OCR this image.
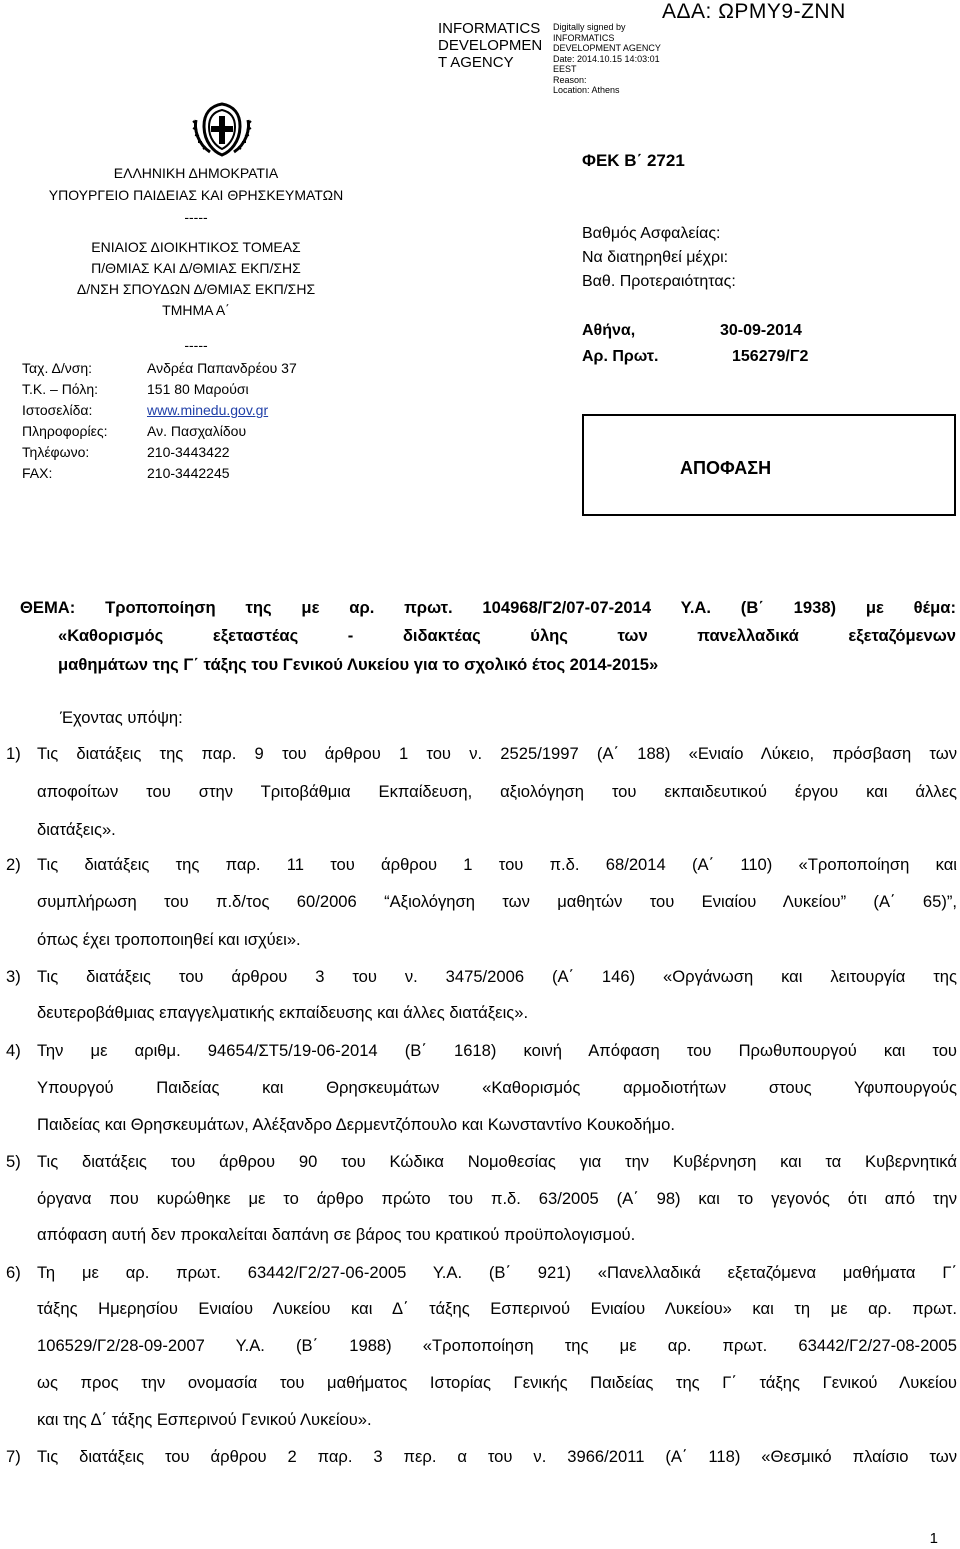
INFORMATICS
DEVELOPMEN
T AGENCY
Digitally signed by
INFORMATICS
DEVELOPMENT AGENCY
Date: 2014.10.15 14:03:01
EEST
Reason:
Location: Athens
ΑΔΑ: ΩΡΜΥ9-ΖΝΝ
ΕΛΛΗΝΙΚΗ ΔΗΜΟΚΡΑΤΙΑ
ΥΠΟΥΡΓΕΙΟ ΠΑΙΔΕΙΑΣ ΚΑΙ ΘΡΗΣΚΕΥΜΑΤΩΝ
-----
ΕΝΙΑΙΟΣ ΔΙΟΙΚΗΤΙΚΟΣ ΤΟΜΕΑΣ
Π/ΘΜΙΑΣ ΚΑΙ Δ/ΘΜΙΑΣ ΕΚΠ/ΣΗΣ
Δ/ΝΣΗ ΣΠΟΥΔΩΝ Δ/ΘΜΙΑΣ ΕΚΠ/ΣΗΣ
ΤΜΗΜΑ Α΄
-----
Ταχ. Δ/νση:	Ανδρέα Παπανδρέου 37
Τ.Κ. – Πόλη:	151 80 Μαρούσι
Ιστοσελίδα:	www.minedu.gov.gr
Πληροφορίες:	Αν. Πασχαλίδου
Τηλέφωνο:	210-3443422
FAX:	210-3442245
ΦΕΚ Β΄ 2721
Βαθμός Ασφαλείας:
Να διατηρηθεί μέχρι:
Βαθ. Προτεραιότητας:
Αθήνα,	30-09-2014
Αρ. Πρωτ.	156279/Γ2
ΑΠΟΦΑΣΗ
ΘΕΜΑ: Τροποποίηση της με αρ. πρωτ. 104968/Γ2/07-07-2014 Υ.Α. (Β΄ 1938) με θέμα:
«Καθορισμός εξεταστέας - διδακτέας ύλης των πανελλαδικά εξεταζόμενων
μαθημάτων της Γ΄ τάξης του Γενικού Λυκείου για το σχολικό έτος 2014-2015»
Έχοντας υπόψη:
1) Τις διατάξεις της παρ. 9 του άρθρου 1 του ν. 2525/1997 (Α΄ 188) «Ενιαίο Λύκειο, πρόσβαση των
αποφοίτων του στην Τριτοβάθμια Εκπαίδευση, αξιολόγηση του εκπαιδευτικού έργου και άλλες
διατάξεις».
2) Τις διατάξεις της παρ. 11 του άρθρου 1 του π.δ. 68/2014 (Α΄ 110) «Τροποποίηση και
συμπλήρωση του π.δ/τος 60/2006 “Αξιολόγηση των μαθητών του Ενιαίου Λυκείου” (Α΄ 65)”,
όπως έχει τροποποιηθεί και ισχύει».
3) Τις διατάξεις του άρθρου 3 του ν. 3475/2006 (Α΄ 146) «Οργάνωση και λειτουργία της
δευτεροβάθμιας επαγγελματικής εκπαίδευσης και άλλες διατάξεις».
4) Την με αριθμ. 94654/ΣΤ5/19-06-2014 (Β΄ 1618) κοινή Απόφαση του Πρωθυπουργού και του
Υπουργού Παιδείας και Θρησκευμάτων «Καθορισμός αρμοδιοτήτων στους Υφυπουργούς
Παιδείας και Θρησκευμάτων, Αλέξανδρο Δερμεντζόπουλο και Κωνσταντίνο Κουκοδήμο.
5) Τις διατάξεις του άρθρου 90 του Κώδικα Νομοθεσίας για την Κυβέρνηση και τα Κυβερνητικά
όργανα που κυρώθηκε με το άρθρο πρώτο του π.δ. 63/2005 (Α΄ 98) και το γεγονός ότι από την
απόφαση αυτή δεν προκαλείται δαπάνη σε βάρος του κρατικού προϋπολογισμού.
6) Τη με αρ. πρωτ. 63442/Γ2/27-06-2005 Υ.Α. (Β΄ 921) «Πανελλαδικά εξεταζόμενα μαθήματα Γ΄
τάξης Ημερησίου Ενιαίου Λυκείου και Δ΄ τάξης Εσπερινού Ενιαίου Λυκείου» και τη με αρ. πρωτ.
106529/Γ2/28-09-2007 Υ.Α. (Β΄ 1988) «Τροποποίηση της με αρ. πρωτ. 63442/Γ2/27-08-2005
ως προς την ονομασία του μαθήματος Ιστορίας Γενικής Παιδείας της Γ΄ τάξης Γενικού Λυκείου
και της Δ΄ τάξης Εσπερινού Γενικού Λυκείου».
7) Τις διατάξεις του άρθρου 2 παρ. 3 περ. α του ν. 3966/2011 (Α΄ 118) «Θεσμικό πλαίσιο των
1
